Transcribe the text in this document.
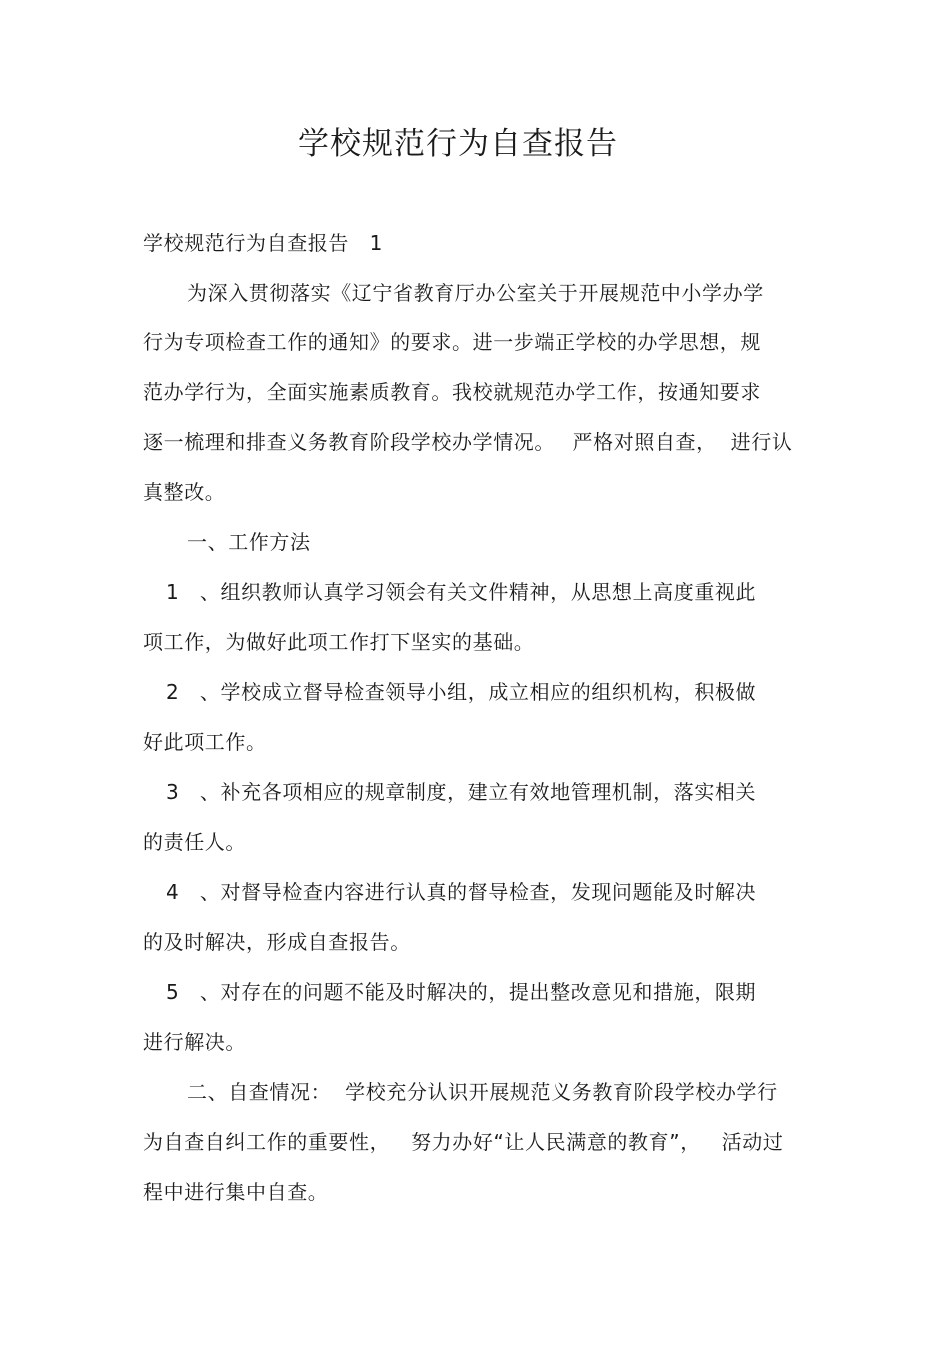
学校规范行为自查报告
学校规范行为自查报告　1
为深入贯彻落实《辽宁省教育厅办公室关于开展规范中小学办学
行为专项检查工作的通知》的要求。进一步端正学校的办学思想，规
范办学行为，全面实施素质教育。我校就规范办学工作，按通知要求
逐一梳理和排查义务教育阶段学校办学情况。　 严格对照自查，  进行认
真整改。
一、工作方法
1　、组织教师认真学习领会有关文件精神，从思想上高度重视此
项工作，为做好此项工作打下坚实的基础。
2　、学校成立督导检查领导小组，成立相应的组织机构，积极做
好此项工作。
3　、补充各项相应的规章制度，建立有效地管理机制，落实相关
的责任人。
4　、对督导检查内容进行认真的督导检查，发现问题能及时解决
的及时解决，形成自查报告。
5　、对存在的问题不能及时解决的，提出整改意见和措施，限期
进行解决。
二、自查情况：  学校充分认识开展规范义务教育阶段学校办学行
为自查自纠工作的重要性，   努力办好“让人民满意的教育”，   活动过
程中进行集中自查。
